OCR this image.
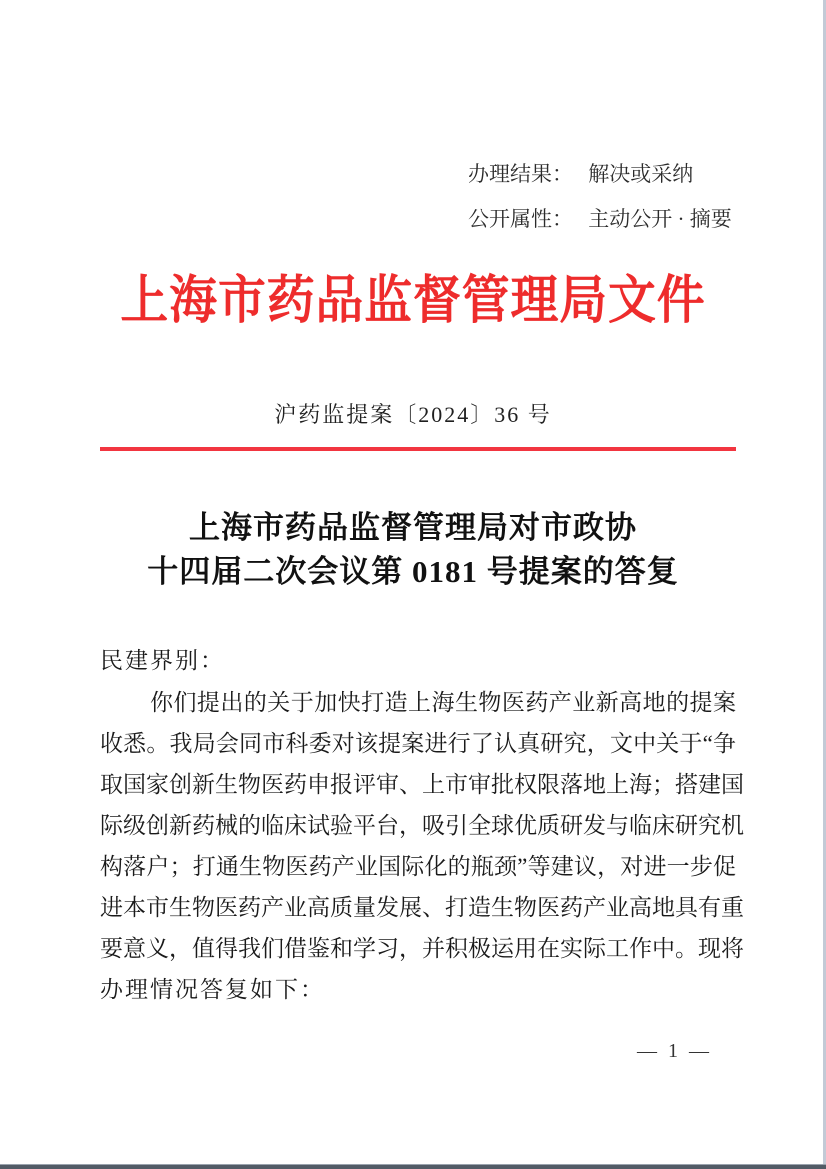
办理结果： 解决或采纳
公开属性： 主动公开 · 摘要
上海市药品监督管理局文件
沪药监提案〔2024〕36 号
上海市药品监督管理局对市政协
十四届二次会议第 0181 号提案的答复
民建界别：
你们提出的关于加快打造上海生物医药产业新高地的提案
收悉。我局会同市科委对该提案进行了认真研究，文中关于“争
取国家创新生物医药申报评审、上市审批权限落地上海；搭建国
际级创新药械的临床试验平台，吸引全球优质研发与临床研究机
构落户；打通生物医药产业国际化的瓶颈”等建议，对进一步促
进本市生物医药产业高质量发展、打造生物医药产业高地具有重
要意义，值得我们借鉴和学习，并积极运用在实际工作中。现将
办理情况答复如下：
— 1 —
